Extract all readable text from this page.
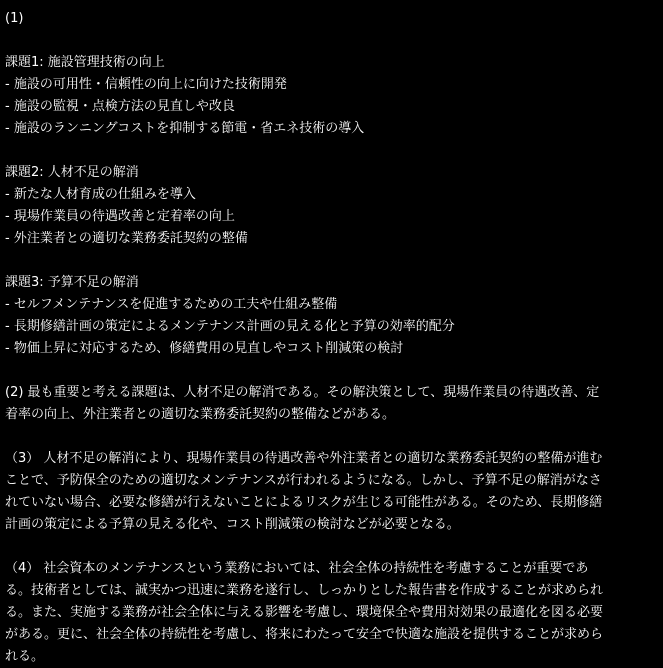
(1)
課題1: 施設管理技術の向上
- 施設の可用性・信頼性の向上に向けた技術開発
- 施設の監視・点検方法の見直しや改良
- 施設のランニングコストを抑制する節電・省エネ技術の導入
課題2: 人材不足の解消
- 新たな人材育成の仕組みを導入
- 現場作業員の待遇改善と定着率の向上
- 外注業者との適切な業務委託契約の整備
課題3: 予算不足の解消
- セルフメンテナンスを促進するための工夫や仕組み整備
- 長期修繕計画の策定によるメンテナンス計画の見える化と予算の効率的配分
- 物価上昇に対応するため、修繕費用の見直しやコスト削減策の検討
(2) 最も重要と考える課題は、人材不足の解消である。その解決策として、現場作業員の待遇改善、定
着率の向上、外注業者との適切な業務委託契約の整備などがある。
（3） 人材不足の解消により、現場作業員の待遇改善や外注業者との適切な業務委託契約の整備が進む
ことで、予防保全のための適切なメンテナンスが行われるようになる。しかし、予算不足の解消がなさ
れていない場合、必要な修繕が行えないことによるリスクが生じる可能性がある。そのため、長期修繕
計画の策定による予算の見える化や、コスト削減策の検討などが必要となる。
（4） 社会資本のメンテナンスという業務においては、社会全体の持続性を考慮することが重要であ
る。技術者としては、誠実かつ迅速に業務を遂行し、しっかりとした報告書を作成することが求められ
る。また、実施する業務が社会全体に与える影響を考慮し、環境保全や費用対効果の最適化を図る必要
がある。更に、社会全体の持続性を考慮し、将来にわたって安全で快適な施設を提供することが求めら
れる。
